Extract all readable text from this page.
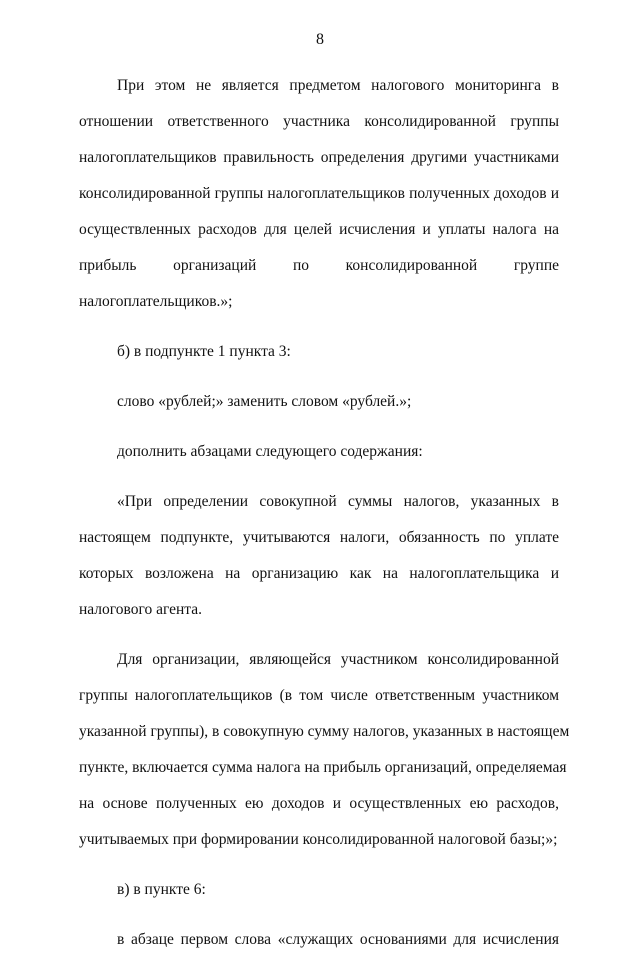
8
При этом не является предметом налогового мониторинга в
отношении ответственного участника консолидированной группы
налогоплательщиков правильность определения другими участниками
консолидированной группы налогоплательщиков полученных доходов и
осуществленных расходов для целей исчисления и уплаты налога на
прибыль организаций по консолидированной группе
налогоплательщиков.»;
б) в подпункте 1 пункта 3:
слово «рублей;» заменить словом «рублей.»;
дополнить абзацами следующего содержания:
«При определении совокупной суммы налогов, указанных в
настоящем подпункте, учитываются налоги, обязанность по уплате
которых возложена на организацию как на налогоплательщика и
налогового агента.
Для организации, являющейся участником консолидированной
группы налогоплательщиков (в том числе ответственным участником
указанной группы), в совокупную сумму налогов, указанных в настоящем
пункте, включается сумма налога на прибыль организаций, определяемая
на основе полученных ею доходов и осуществленных ею расходов,
учитываемых при формировании консолидированной налоговой базы;»;
в) в пункте 6:
в абзаце первом слова «служащих основаниями для исчисления
